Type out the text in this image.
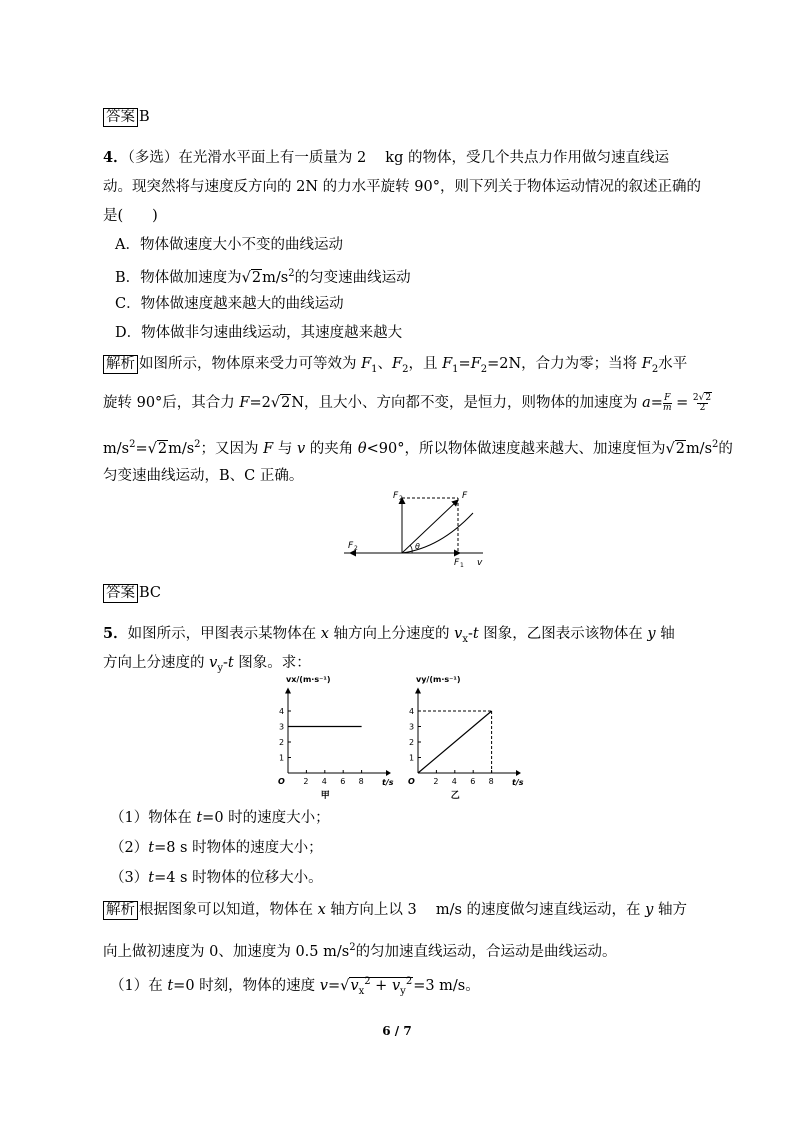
答案 B
4．（多选）在光滑水平面上有一质量为 2　 kg 的物体，受几个共点力作用做匀速直线运
动。现突然将与速度反方向的 2N 的力水平旋转 90°，则下列关于物体运动情况的叙述正确的
是(　　)
A．物体做速度大小不变的曲线运动
B．物体做加速度为$√2m/s^2$的匀变速曲线运动
C．物体做速度越来越大的曲线运动
D．物体做非匀速曲线运动，其速度越来越大
解析 如图所示，物体原来受力可等效为 $F_1$、$F_2$，且 $F_1=F_2=2N$，合力为零；当将 $F_2$水平
旋转 90°后，其合力 F=2√2N，且大小、方向都不变，是恒力，则物体的加速度为 $a=\frac{F}{m} = 2√2$
2
$m/s^2=√2m/s^2$；又因为 F 与 v 的夹角 θ<90°，所以物体做速度越来越大、加速度恒为$√2m/s^2$的
匀变速曲线运动，B、C 正确。
F 2	F
F 2	θ
F 1 v
答案 BC
5．如图所示，甲图表示某物体在 x 轴方向上分速度的 $v_x-t$ 图象，乙图表示该物体在 y 轴
方向上分速度的 $v_y-t$ 图象。求：
O 2 4 6 8 t/s
1
2
3
4
vx/(m·s⁻¹)
甲
O 2 4 6 8 t/s
1
2
3
4
vy/(m·s⁻¹)
乙
（1）物体在 t=0 时的速度大小；
（2）t=8 s 时物体的速度大小；
（3）t=4 s 时物体的位移大小。
解析 根据图象可以知道，物体在 x 轴方向上以 3　 m/s 的速度做匀速直线运动，在 y 轴方
向上做初速度为 0、加速度为 0.5 $m/s^2$的匀加速直线运动，合运动是曲线运动。
（1）在 t=0 时刻，物体的速度 $v=√v_x^2 + v_y^2=3$ m/s。
6 / 7
